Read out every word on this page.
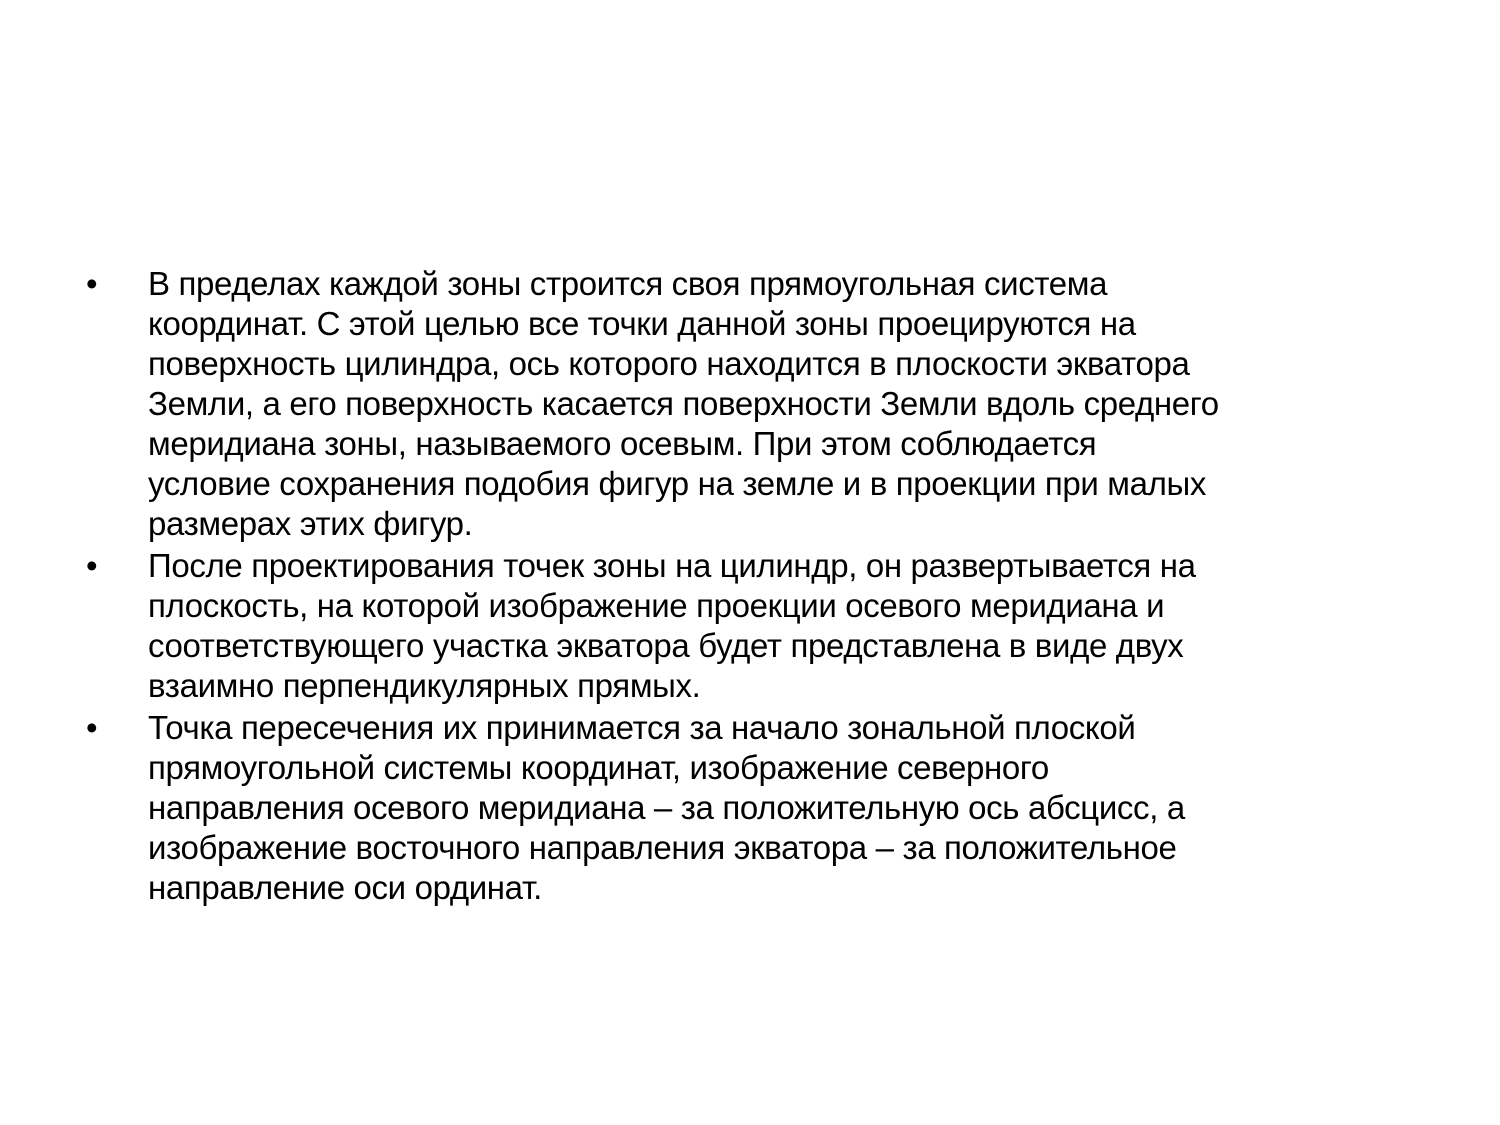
•	В пределах каждой зоны строится своя прямоугольная система
координат. С этой целью все точки данной зоны проецируются на
поверхность цилиндра, ось которого находится в плоскости экватора
Земли, а его поверхность касается поверхности Земли вдоль среднего
меридиана зоны, называемого осевым. При этом соблюдается
условие сохранения подобия фигур на земле и в проекции при малых
размерах этих фигур.
•	После проектирования точек зоны на цилиндр, он развертывается на
плоскость, на которой изображение проекции осевого меридиана и
соответствующего участка экватора будет представлена в виде двух
взаимно перпендикулярных прямых.
•	Точка пересечения их принимается за начало зональной плоской
прямоугольной системы координат, изображение северного
направления осевого меридиана – за положительную ось абсцисс, а
изображение восточного направления экватора – за положительное
направление оси ординат.
